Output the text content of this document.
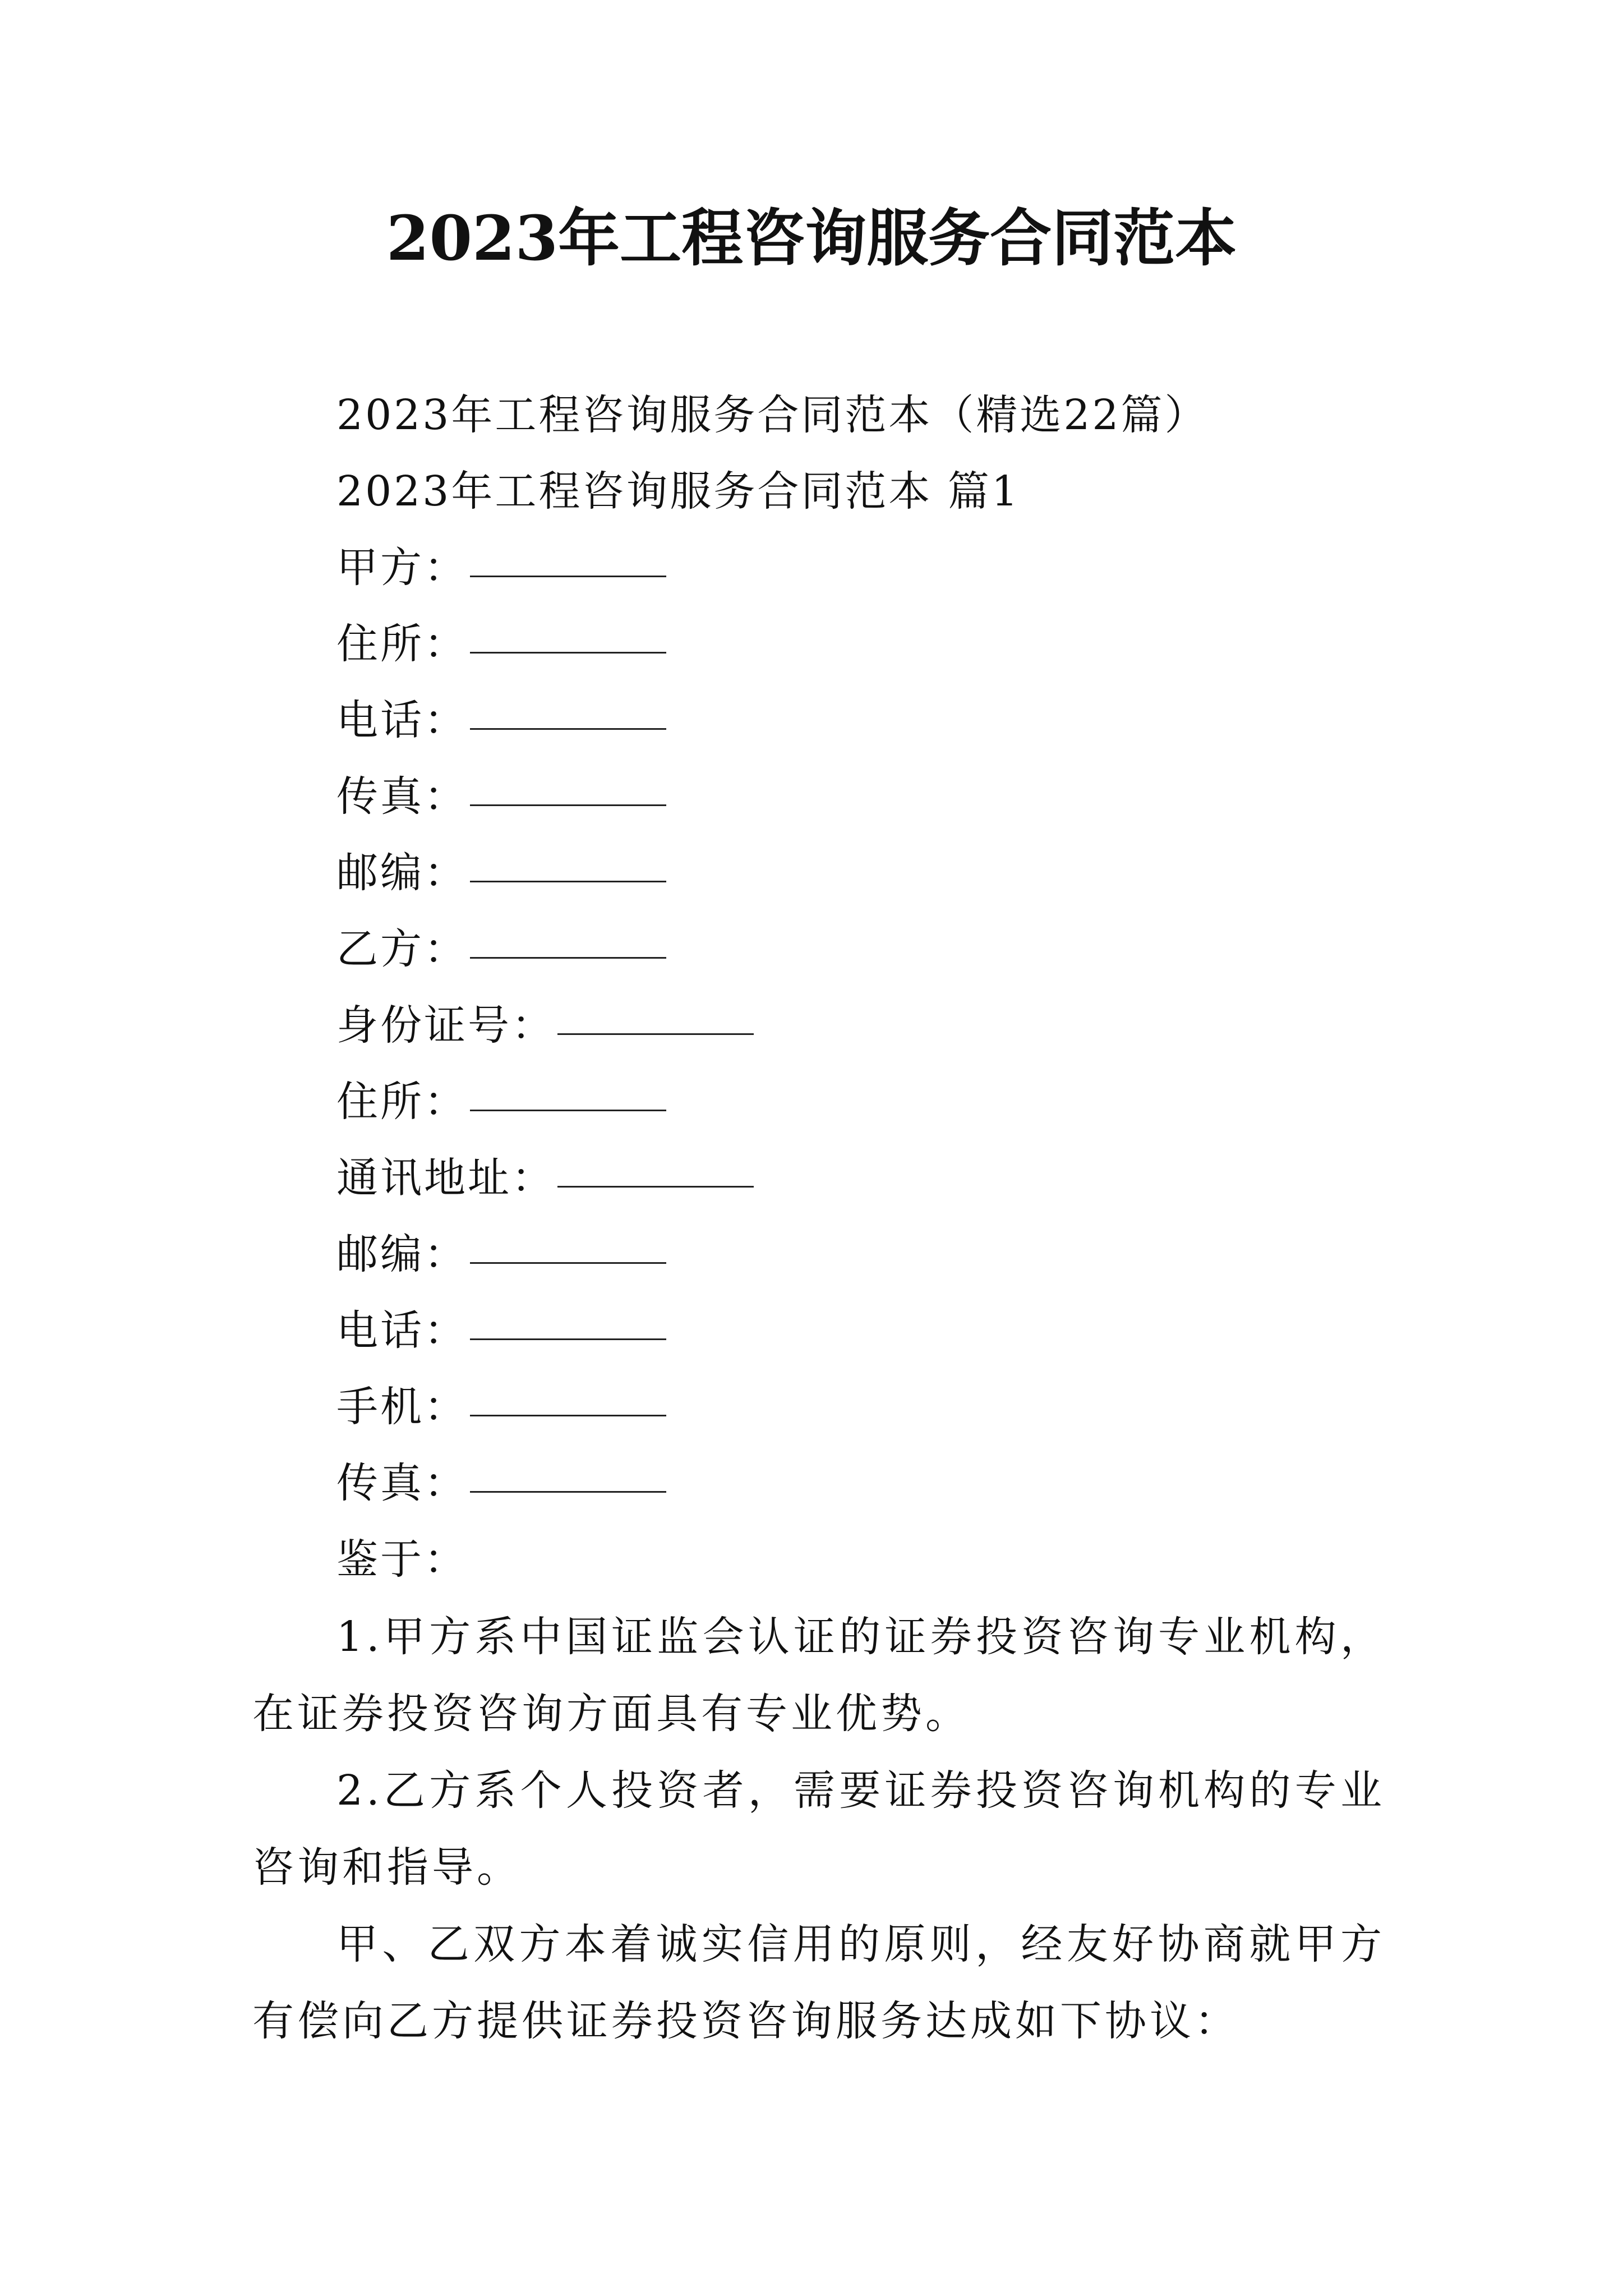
2023年工程咨询服务合同范本
2023年工程咨询服务合同范本（精选22篇）
2023年工程咨询服务合同范本 篇1
甲方：
住所：
电话：
传真：
邮编：
乙方：
身份证号：
住所：
通讯地址：
邮编：
电话：
手机：
传真：
鉴于：
1.甲方系中国证监会认证的证券投资咨询专业机构，在证券投资咨询方面具有专业优势。
2.乙方系个人投资者，需要证券投资咨询机构的专业咨询和指导。
甲、乙双方本着诚实信用的原则，经友好协商就甲方有偿向乙方提供证券投资咨询服务达成如下协议：
